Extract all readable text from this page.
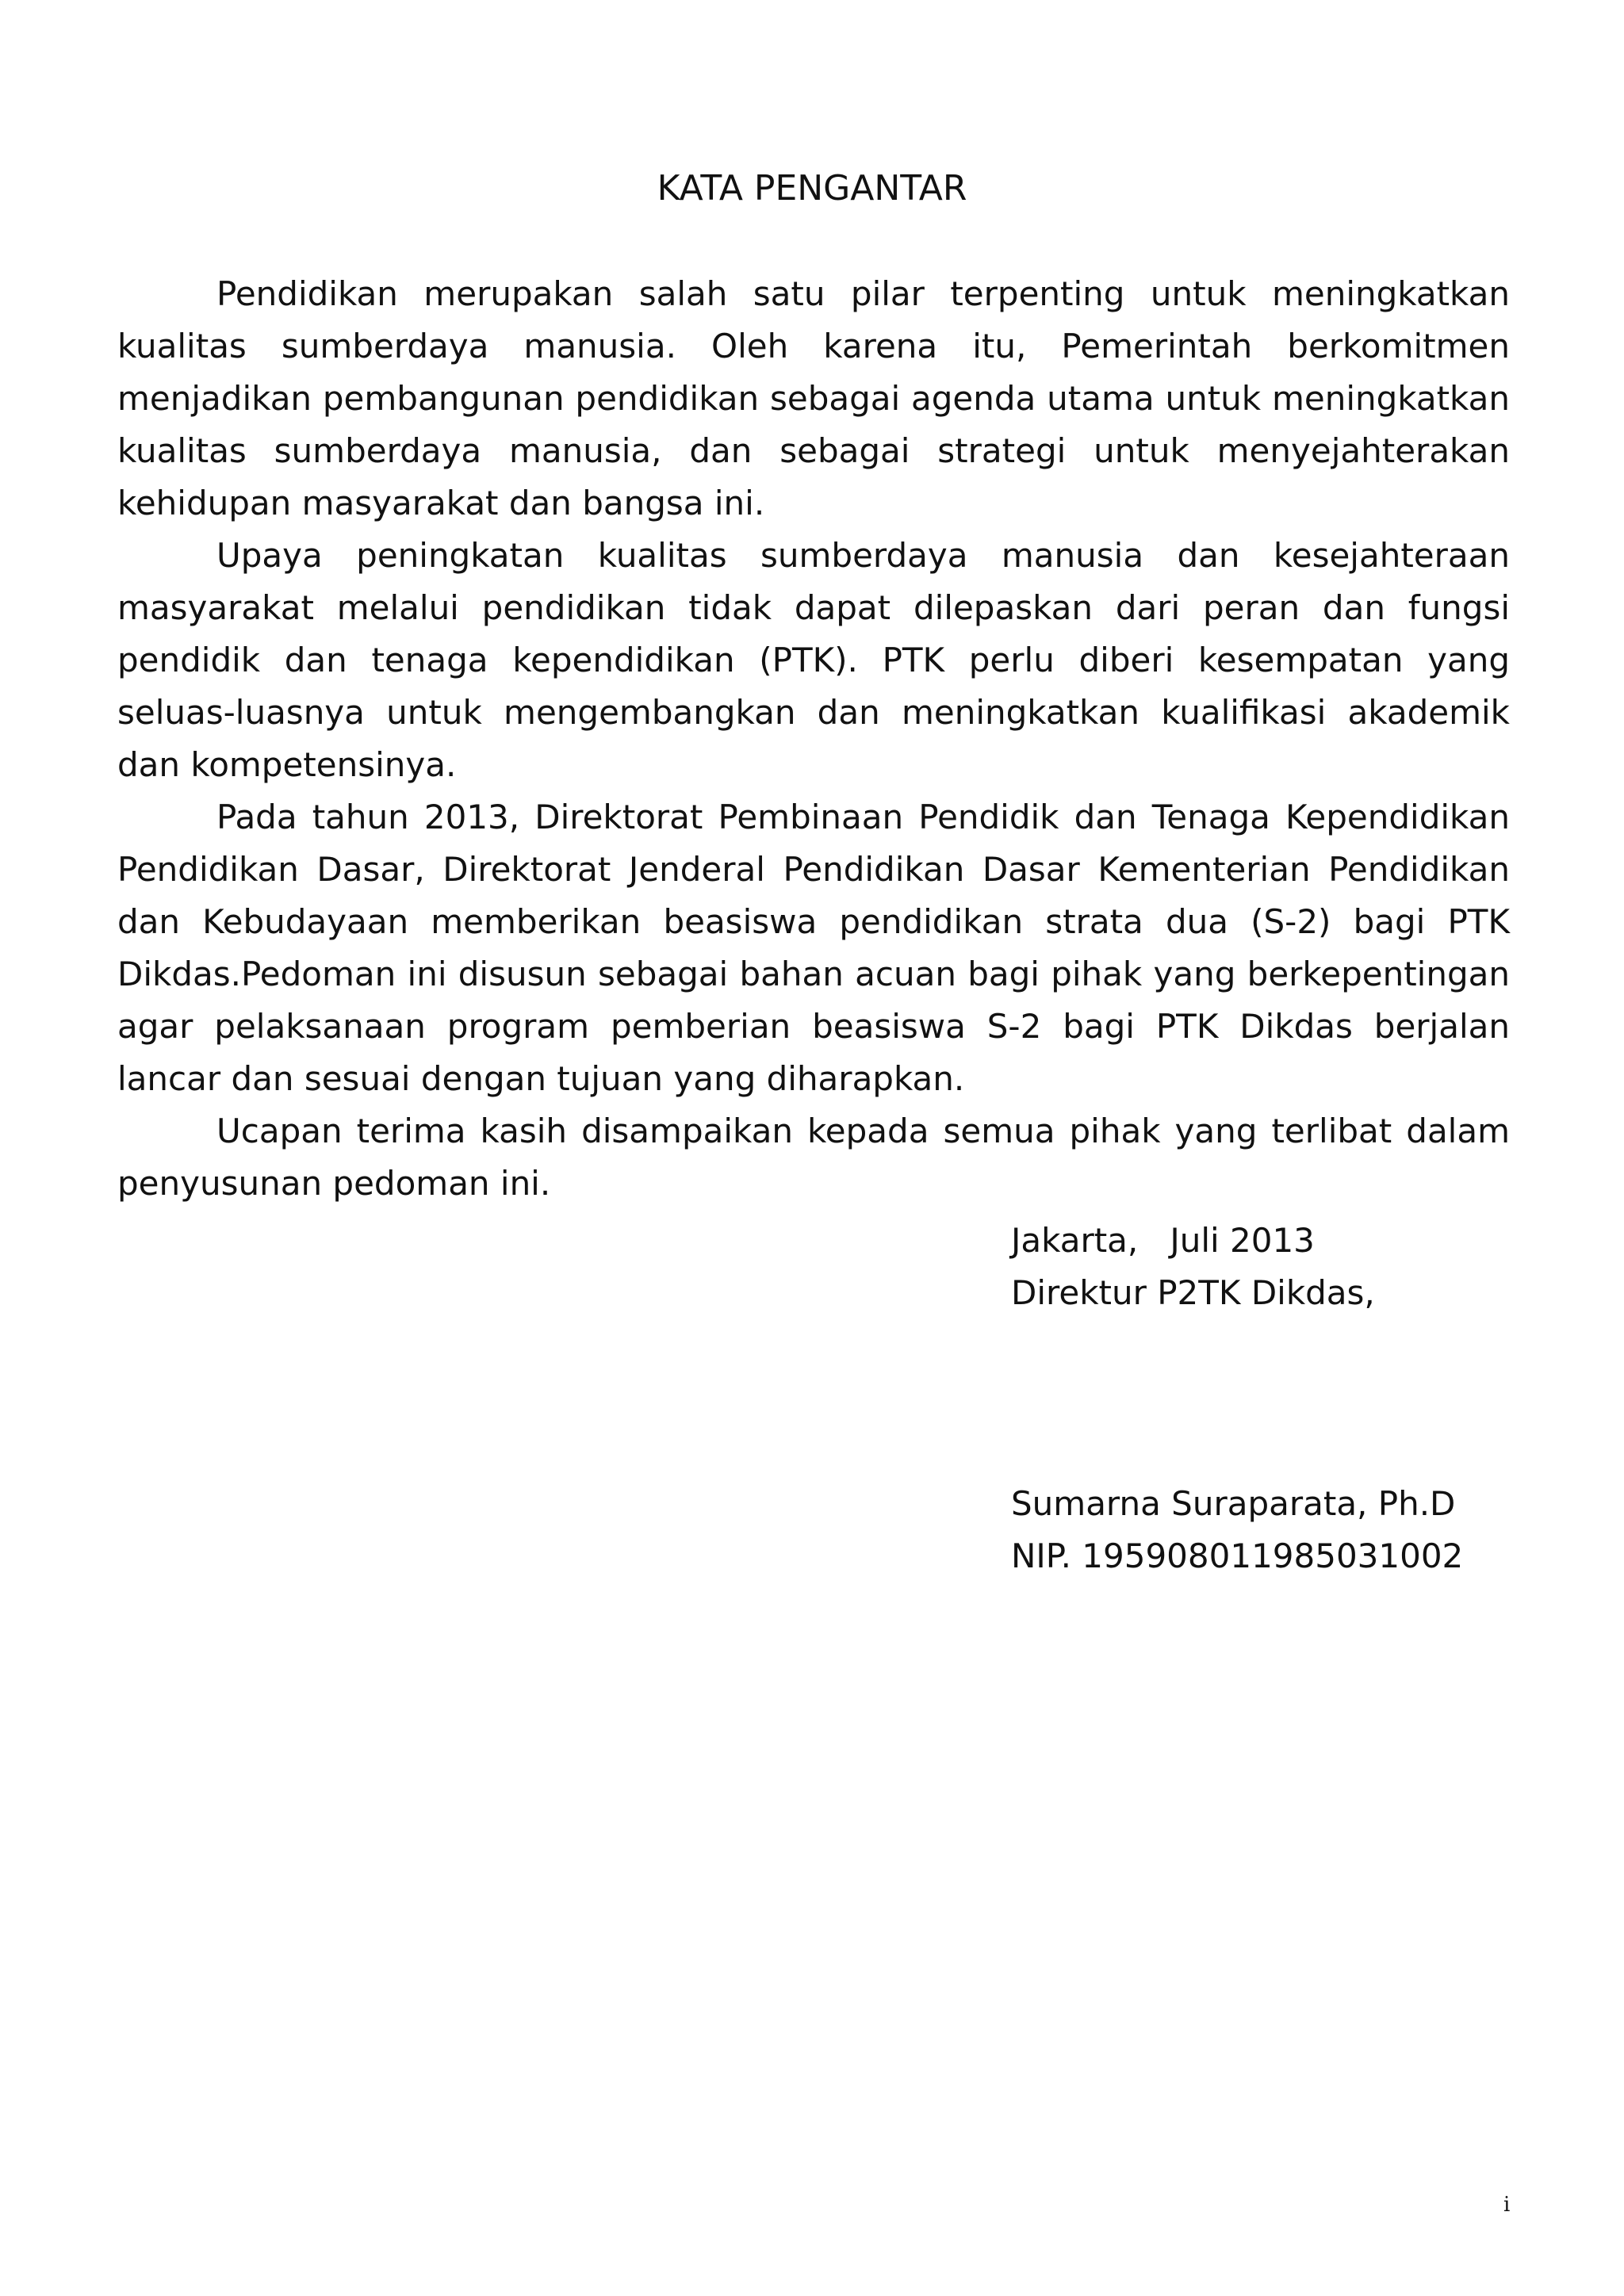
KATA PENGANTAR

Pendidikan merupakan salah satu pilar terpenting untuk meningkatkan kualitas sumberdaya manusia. Oleh karena itu, Pemerintah berkomitmen menjadikan pembangunan pendidikan sebagai agenda utama untuk meningkatkan kualitas sumberdaya manusia, dan sebagai strategi untuk menyejahterakan kehidupan masyarakat dan bangsa ini.

Upaya peningkatan kualitas sumberdaya manusia dan kesejahteraan masyarakat melalui pendidikan tidak dapat dilepaskan dari peran dan fungsi pendidik dan tenaga kependidikan (PTK). PTK perlu diberi kesempatan yang seluas-luasnya untuk mengembangkan dan meningkatkan kualifikasi akademik dan kompetensinya.

Pada tahun 2013, Direktorat Pembinaan Pendidik dan Tenaga Kependidikan Pendidikan Dasar, Direktorat Jenderal Pendidikan Dasar Kementerian Pendidikan dan Kebudayaan memberikan beasiswa pendidikan strata dua (S-2) bagi PTK Dikdas.Pedoman ini disusun sebagai bahan acuan bagi pihak yang berkepentingan agar pelaksanaan program pemberian beasiswa S-2 bagi PTK Dikdas berjalan lancar dan sesuai dengan tujuan yang diharapkan.

Ucapan terima kasih disampaikan kepada semua pihak yang terlibat dalam penyusunan pedoman ini.

Jakarta,   Juli 2013
Direktur P2TK Dikdas,
Sumarna Suraparata, Ph.D
NIP. 195908011985031002
i
